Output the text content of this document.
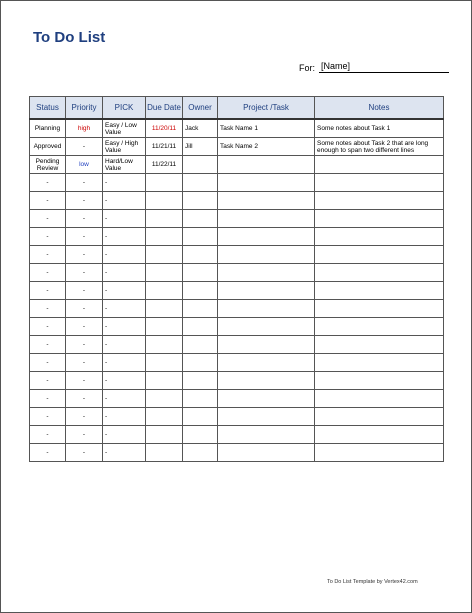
To Do List
For: [Name]
Status	Priority	PICK	Due Date	Owner	Project /Task	Notes
Planning	high	Easy / Low Value	11/20/11	Jack	Task Name 1	Some notes about Task 1
Approved	-	Easy / High Value	11/21/11	Jill	Task Name 2	Some notes about Task 2 that are long enough to span two different lines
Pending Review	low	Hard/Low Value	11/22/11			
-	-	-				
-	-	-				
-	-	-				
-	-	-				
-	-	-				
-	-	-				
-	-	-				
-	-	-				
-	-	-				
-	-	-				
-	-	-				
-	-	-				
-	-	-				
-	-	-				
-	-	-				
-	-	-				
To Do List Template by Vertex42.com
